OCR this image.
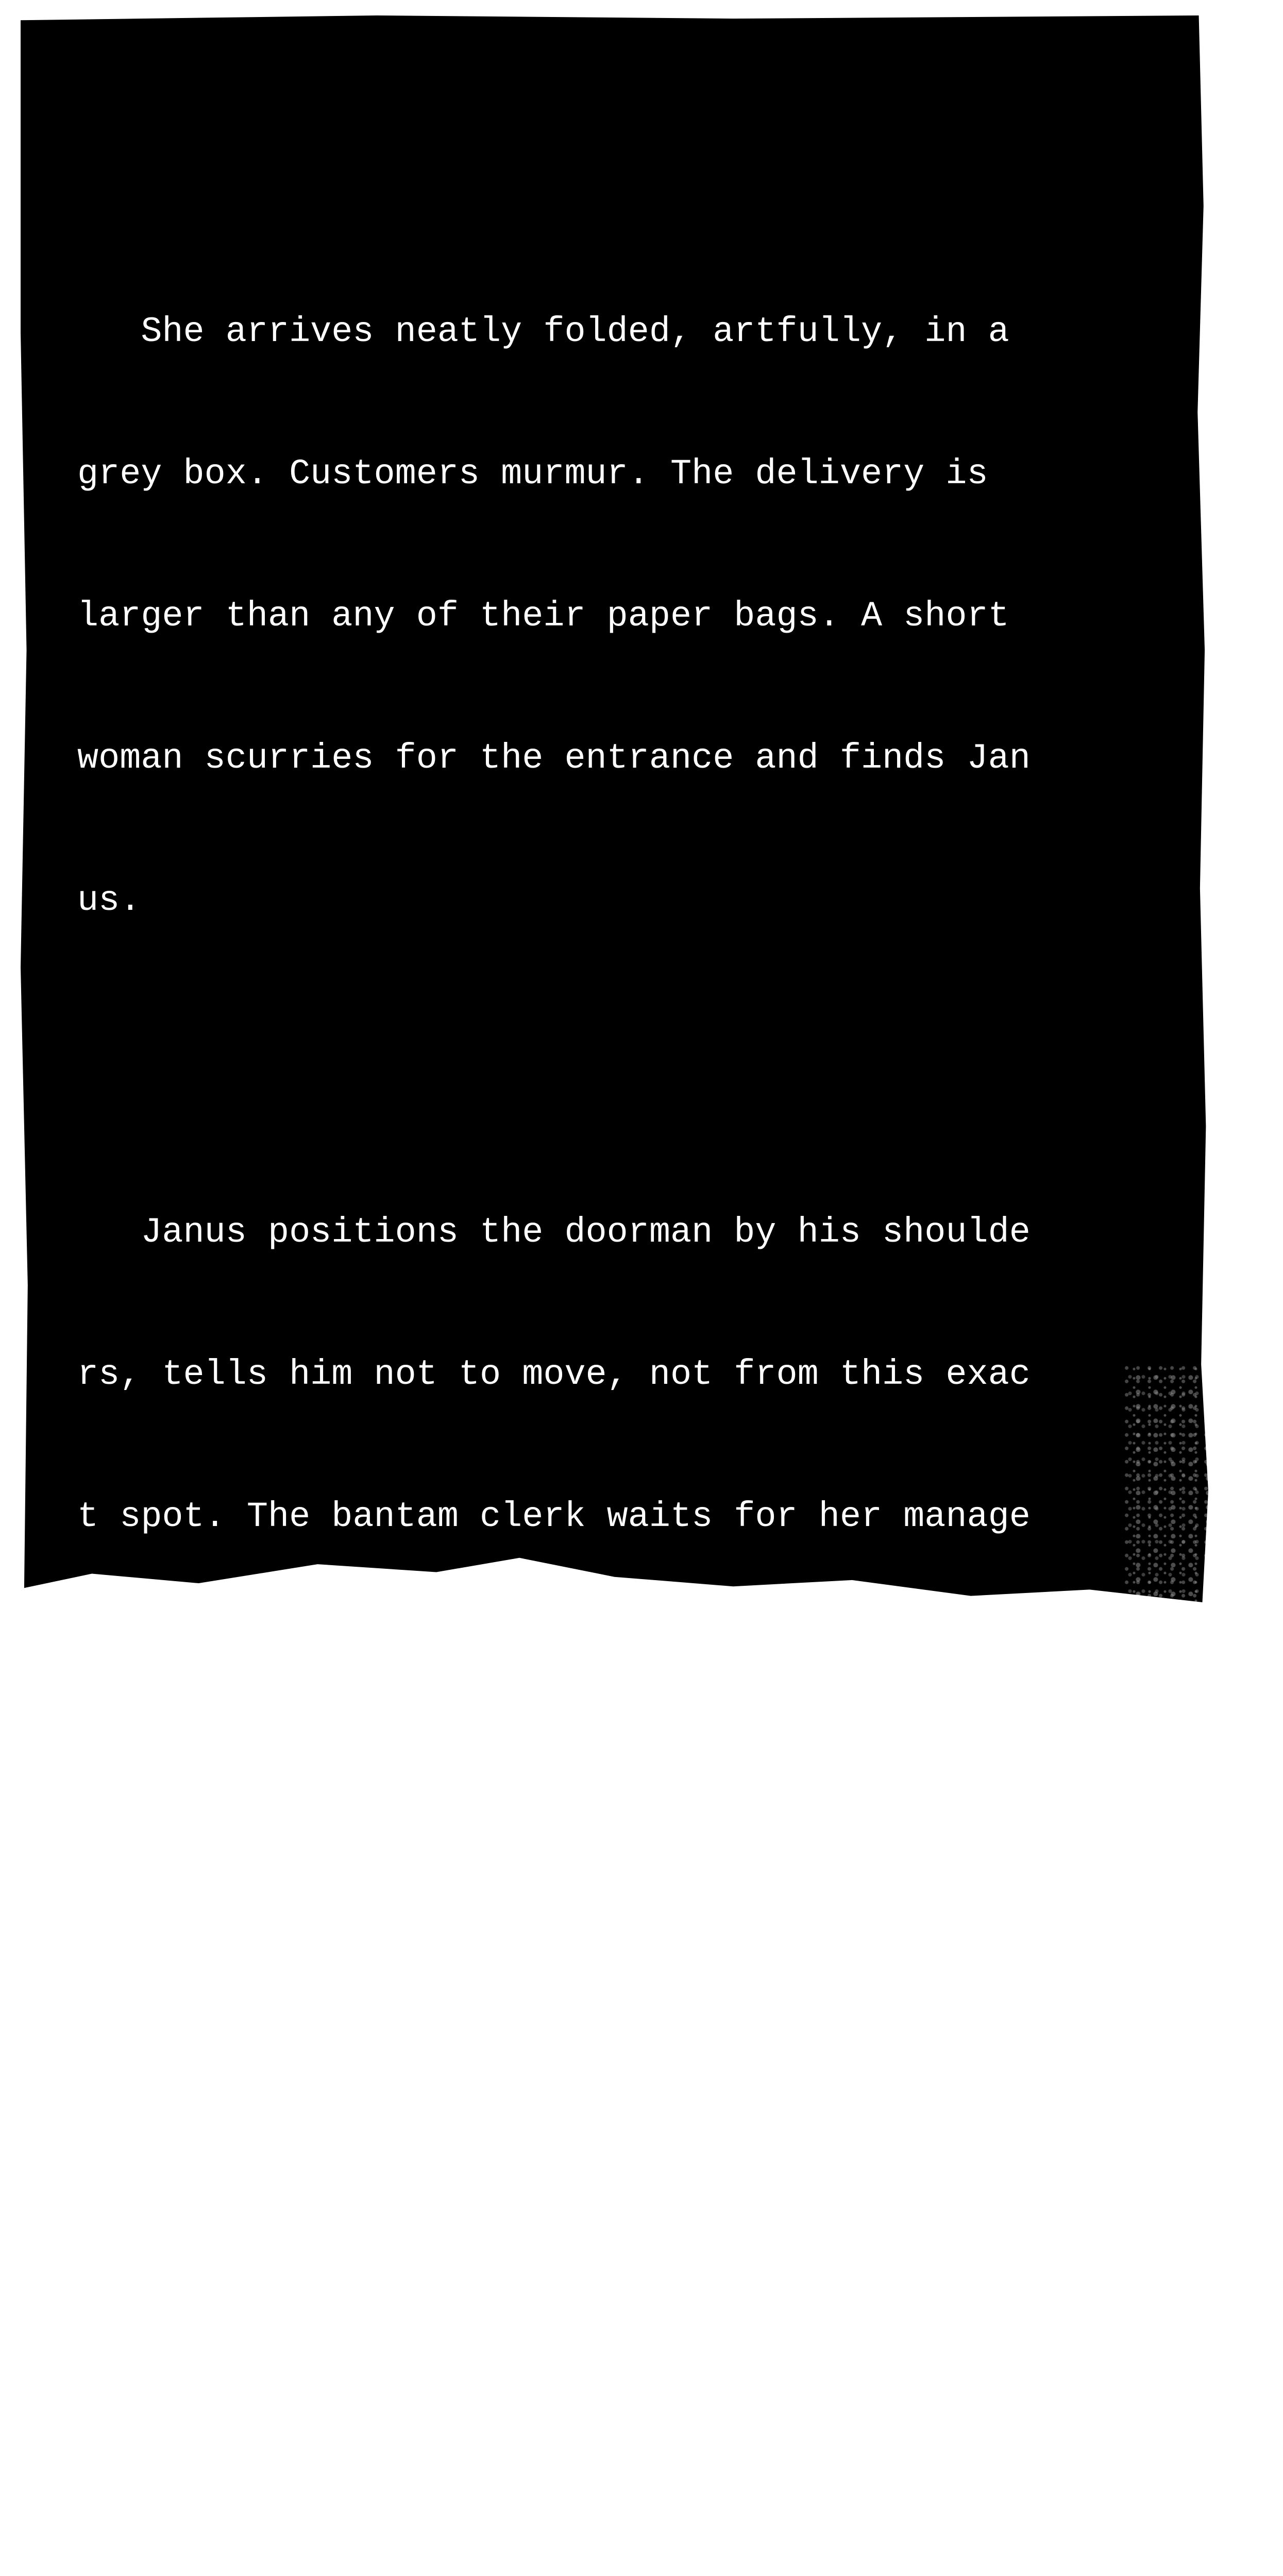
She arrives neatly folded, artfully, in a

grey box. Customers murmur. The delivery is

larger than any of their paper bags. A short

woman scurries for the entrance and finds Jan

us.

Janus positions the doorman by his shoulde

rs, tells him not to move, not from this exac

t spot. The bantam clerk waits for her manage

r, points to the rear office as Janus turns a

nd smiles.

She feels the edges of the box, the pointe

d corners, prim paper the color of stone. Wit

h housekey Janus opens a jagged cut across th

e lid and pries away scraps of wrapping. The
